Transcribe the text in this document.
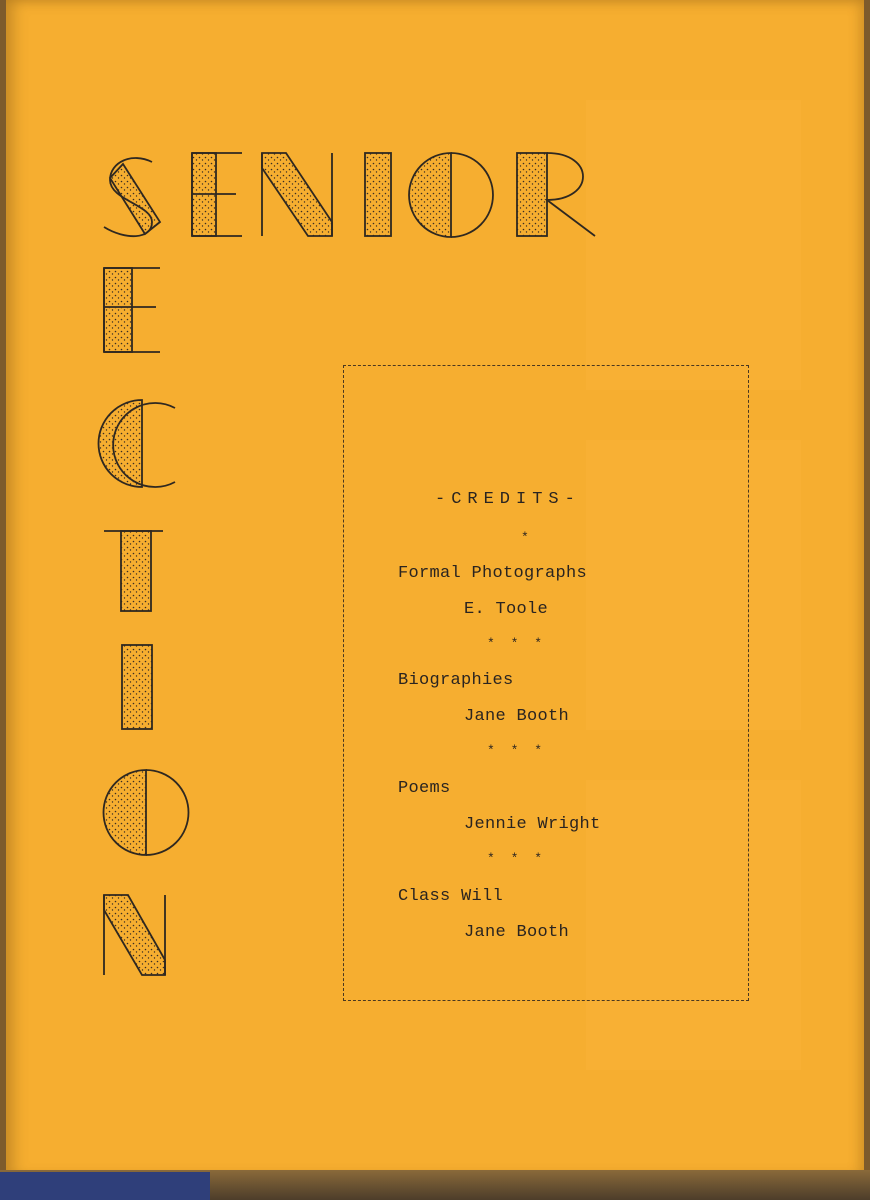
-CREDITS-

*

Formal Photographs

E. Toole

* * *

Biographies

Jane Booth

* * *

Poems

Jennie Wright

* * *

Class Will

Jane Booth
